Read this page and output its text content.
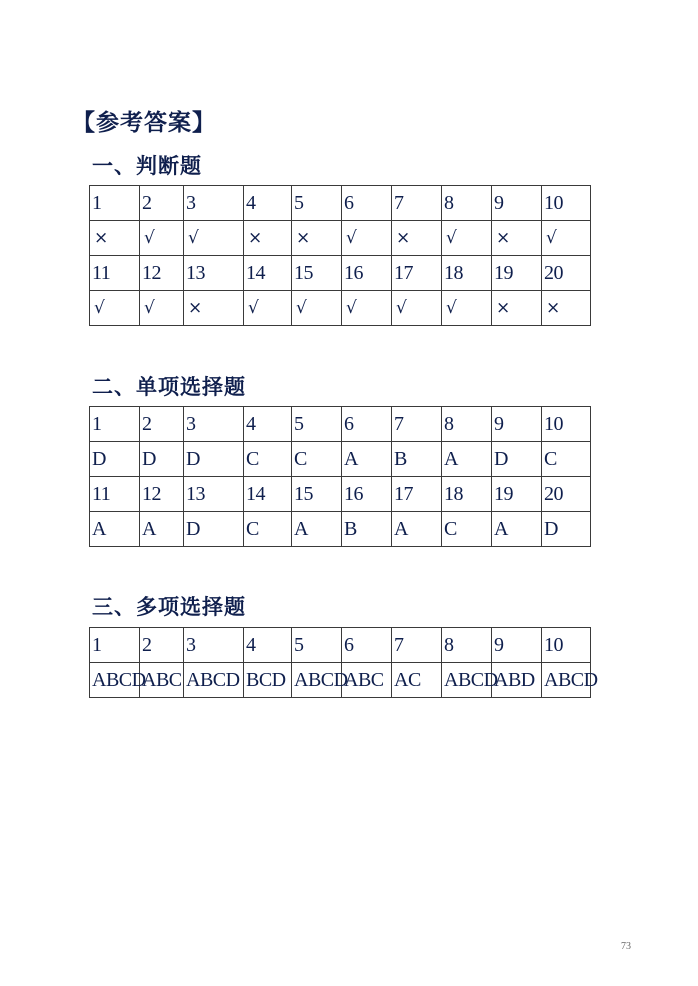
【参考答案】
一、判断题
1	2	3	4	5	6	7	8	9	10
×	√	√	×	×	√	×	√	×	√
11	12	13	14	15	16	17	18	19	20
√	√	×	√	√	√	√	√	×	×
二、单项选择题
1	2	3	4	5	6	7	8	9	10
D	D	D	C	C	A	B	A	D	C
11	12	13	14	15	16	17	18	19	20
A	A	D	C	A	B	A	C	A	D
三、多项选择题
1	2	3	4	5	6	7	8	9	10
ABCD	ABC	ABCD	BCD	ABCD	ABC	AC	ABCD	ABD	ABCD
73
